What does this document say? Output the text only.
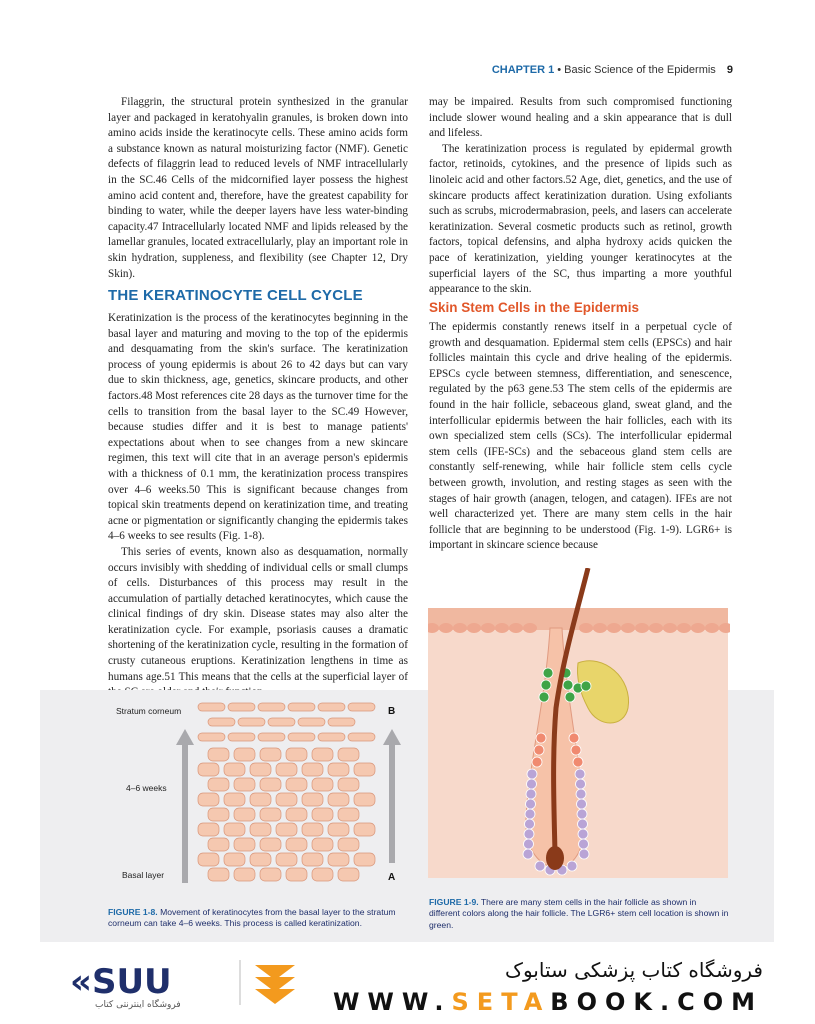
CHAPTER 1 • Basic Science of the Epidermis 9

Filaggrin, the structural protein synthesized in the granular layer and packaged in keratohyalin granules, is broken down into amino acids inside the keratinocyte cells. These amino acids form a substance known as natural moisturizing factor (NMF). Genetic defects of filaggrin lead to reduced levels of NMF intracellularly in the SC.46 Cells of the midcornified layer possess the highest amino acid content and, therefore, have the greatest capability for binding to water, while the deeper layers have less water-binding capacity.47 Intracellularly located NMF and lipids released by the lamellar granules, located extracellularly, play an important role in skin hydration, suppleness, and flexibility (see Chapter 12, Dry Skin).

THE KERATINOCYTE CELL CYCLE

Keratinization is the process of the keratinocytes beginning in the basal layer and maturing and moving to the top of the epidermis and desquamating from the skin's surface. The keratinization process of young epidermis is about 26 to 42 days but can vary due to skin thickness, age, genetics, skincare products, and other factors.48 Most references cite 28 days as the turnover time for the cells to transition from the basal layer to the SC.49 However, because studies differ and it is best to manage patients' expectations about when to see changes from a new skincare regimen, this text will cite that in an average person's epidermis with a thickness of 0.1 mm, the keratinization process transpires over 4–6 weeks.50 This is significant because changes from topical skin treatments depend on keratinization time, and treating acne or pigmentation or significantly changing the epidermis takes 4–6 weeks to see results (Fig. 1-8).

This series of events, known also as desquamation, normally occurs invisibly with shedding of individual cells or small clumps of cells. Disturbances of this process may result in the accumulation of partially detached keratinocytes, which cause the clinical findings of dry skin. Disease states may also alter the keratinization cycle. For example, psoriasis causes a dramatic shortening of the keratinization cycle, resulting in the formation of crusty cutaneous eruptions. Keratinization lengthens in time as humans age.51 This means that the cells at the superficial layer of

may be impaired. Results from such compromised functioning include slower wound healing and a skin appearance that is dull and lifeless.

The keratinization process is regulated by epidermal growth factor, retinoids, cytokines, and the presence of lipids such as linoleic acid and other factors.52 Age, diet, genetics, and the use of skincare products affect keratinization duration. Using exfoliants such as scrubs, microdermabrasion, peels, and lasers can accelerate keratinization. Several cosmetic products such as retinol, growth factors, topical defensins, and alpha hydroxy acids quicken the pace of keratinization, yielding younger keratinocytes at the superficial layers of the SC, thus imparting a more youthful appearance to the skin.

Skin Stem Cells in the Epidermis

The epidermis constantly renews itself in a perpetual cycle of growth and desquamation. Epidermal stem cells (EPSCs) and hair follicles maintain this cycle and drive healing of the epidermis. EPSCs cycle between stemness, differentiation, and senescence, regulated by the p63 gene.53 The stem cells of the epidermis are found in the hair follicle, sebaceous gland, sweat gland, and the interfollicular epidermis between the hair follicles, each with its own specialized stem cells (SCs). The interfollicular epidermal stem cells (IFE-SCs) and the sebaceous gland stem cells are constantly self-renewing, while hair follicle stem cells cycle between growth, involution, and resting stages as seen with the stages of hair growth (anagen, telogen, and catagen). IFEs are not well characterized yet. There are many stem cells in the hair follicle that are beginning to be understood (Fig. 1-9). LGR6+ is important in skincare science because

Stratum corneum
4–6 weeks
Basal layer
B
A
FIGURE 1-8. Movement of keratinocytes from the basal layer to the stratum corneum can take 4–6 weeks. This process is called keratinization.
FIGURE 1-9. There are many stem cells in the hair follicle as shown in different colors along the hair follicle. The LGR6+ stem cell location is shown in green.
«SUU
فروشگاه اینترنتی کتاب
فروشگاه کتاب پزشکی ستابوک
WWW.SETABOOK.COM
